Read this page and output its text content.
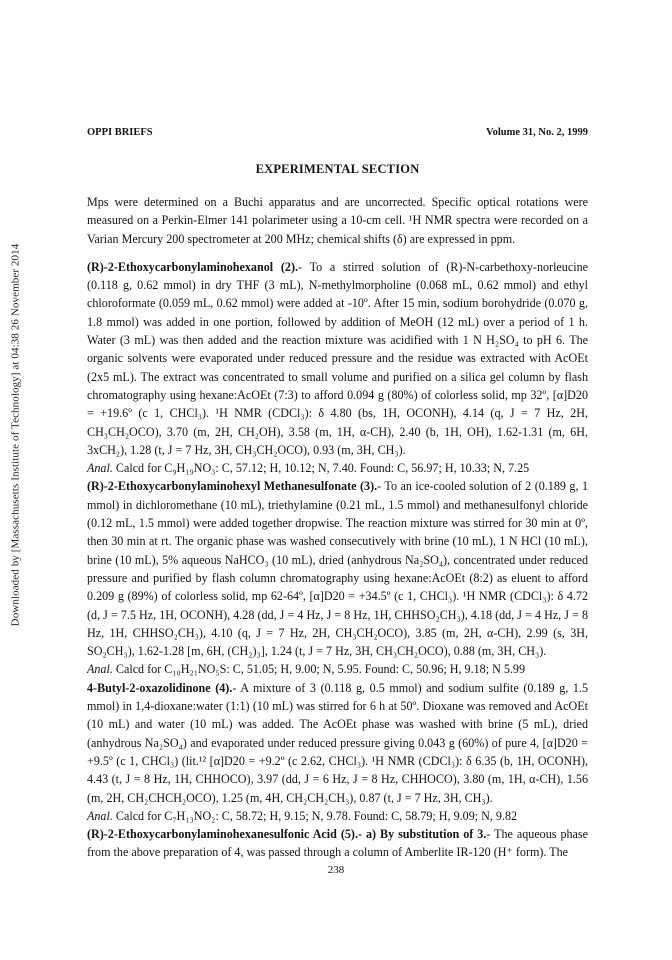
Downloaded by [Massachusetts Institute of Technology] at 04:38 26 November 2014
OPPI BRIEFS	Volume 31, No. 2, 1999
EXPERIMENTAL SECTION

Mps were determined on a Buchi apparatus and are uncorrected. Specific optical rotations were measured on a Perkin-Elmer 141 polarimeter using a 10-cm cell. ¹H NMR spectra were recorded on a Varian Mercury 200 spectrometer at 200 MHz; chemical shifts (δ) are expressed in ppm.

(R)-2-Ethoxycarbonylaminohexanol (2).- To a stirred solution of (R)-N-carbethoxy-norleucine (0.118 g, 0.62 mmol) in dry THF (3 mL), N-methylmorpholine (0.068 mL, 0.62 mmol) and ethyl chloroformate (0.059 mL, 0.62 mmol) were added at -10º. After 15 min, sodium borohydride (0.070 g, 1.8 mmol) was added in one portion, followed by addition of MeOH (12 mL) over a period of 1 h. Water (3 mL) was then added and the reaction mixture was acidified with 1 N H₂SO₄ to pH 6. The organic solvents were evaporated under reduced pressure and the residue was extracted with AcOEt (2x5 mL). The extract was concentrated to small volume and purified on a silica gel column by flash chromatography using hexane:AcOEt (7:3) to afford 0.094 g (80%) of colorless solid, mp 32º, [α]D20 = +19.6º (c 1, CHCl₃). ¹H NMR (CDCl₃): δ 4.80 (bs, 1H, OCONH), 4.14 (q, J = 7 Hz, 2H, CH₃CH₂OCO), 3.70 (m, 2H, CH₂OH), 3.58 (m, 1H, α-CH), 2.40 (b, 1H, OH), 1.62-1.31 (m, 6H, 3xCH₂), 1.28 (t, J = 7 Hz, 3H, CH₃CH₂OCO), 0.93 (m, 3H, CH₃).

Anal. Calcd for C₉H₁₉NO₃: C, 57.12; H, 10.12; N, 7.40. Found: C, 56.97; H, 10.33; N, 7.25

(R)-2-Ethoxycarbonylaminohexyl Methanesulfonate (3).- To an ice-cooled solution of 2 (0.189 g, 1 mmol) in dichloromethane (10 mL), triethylamine (0.21 mL, 1.5 mmol) and methanesulfonyl chloride (0.12 mL, 1.5 mmol) were added together dropwise. The reaction mixture was stirred for 30 min at 0º, then 30 min at rt. The organic phase was washed consecutively with brine (10 mL), 1 N HCl (10 mL), brine (10 mL), 5% aqueous NaHCO₃ (10 mL), dried (anhydrous Na₂SO₄), concentrated under reduced pressure and purified by flash column chromatography using hexane:AcOEt (8:2) as eluent to afford 0.209 g (89%) of colorless solid, mp 62-64º, [α]D20 = +34.5º (c 1, CHCl₃). ¹H NMR (CDCl₃): δ 4.72 (d, J = 7.5 Hz, 1H, OCONH), 4.28 (dd, J = 4 Hz, J = 8 Hz, 1H, CHHSO₂CH₃), 4.18 (dd, J = 4 Hz, J = 8 Hz, 1H, CHHSO₂CH₃), 4.10 (q, J = 7 Hz, 2H, CH₃CH₂OCO), 3.85 (m, 2H, α-CH), 2.99 (s, 3H, SO₂CH₃), 1.62-1.28 [m, 6H, (CH₂)₃], 1.24 (t, J = 7 Hz, 3H, CH₃CH₂OCO), 0.88 (m, 3H, CH₃).

Anal. Calcd for C₁₀H₂₁NO₅S: C, 51.05; H, 9.00; N, 5.95. Found: C, 50.96; H, 9.18; N 5.99

4-Butyl-2-oxazolidinone (4).- A mixture of 3 (0.118 g, 0.5 mmol) and sodium sulfite (0.189 g, 1.5 mmol) in 1,4-dioxane:water (1:1) (10 mL) was stirred for 6 h at 50º. Dioxane was removed and AcOEt (10 mL) and water (10 mL) was added. The AcOEt phase was washed with brine (5 mL), dried (anhydrous Na₂SO₄) and evaporated under reduced pressure giving 0.043 g (60%) of pure 4, [α]D20 = +9.5º (c 1, CHCl₃) (lit.¹² [α]D20 = +9.2º (c 2.62, CHCl₃). ¹H NMR (CDCl₃): δ 6.35 (b, 1H, OCONH), 4.43 (t, J = 8 Hz, 1H, CHHOCO), 3.97 (dd, J = 6 Hz, J = 8 Hz, CHHOCO), 3.80 (m, 1H, α-CH), 1.56 (m, 2H, CH₂CHCH₂OCO), 1.25 (m, 4H, CH₂CH₂CH₃), 0.87 (t, J = 7 Hz, 3H, CH₃).

Anal. Calcd for C₇H₁₃NO₂: C, 58.72; H, 9.15; N, 9.78. Found: C, 58.79; H, 9.09; N, 9.82

(R)-2-Ethoxycarbonylaminohexanesulfonic Acid (5).- a) By substitution of 3.- The aqueous phase from the above preparation of 4, was passed through a column of Amberlite IR-120 (H⁺ form). The

238
